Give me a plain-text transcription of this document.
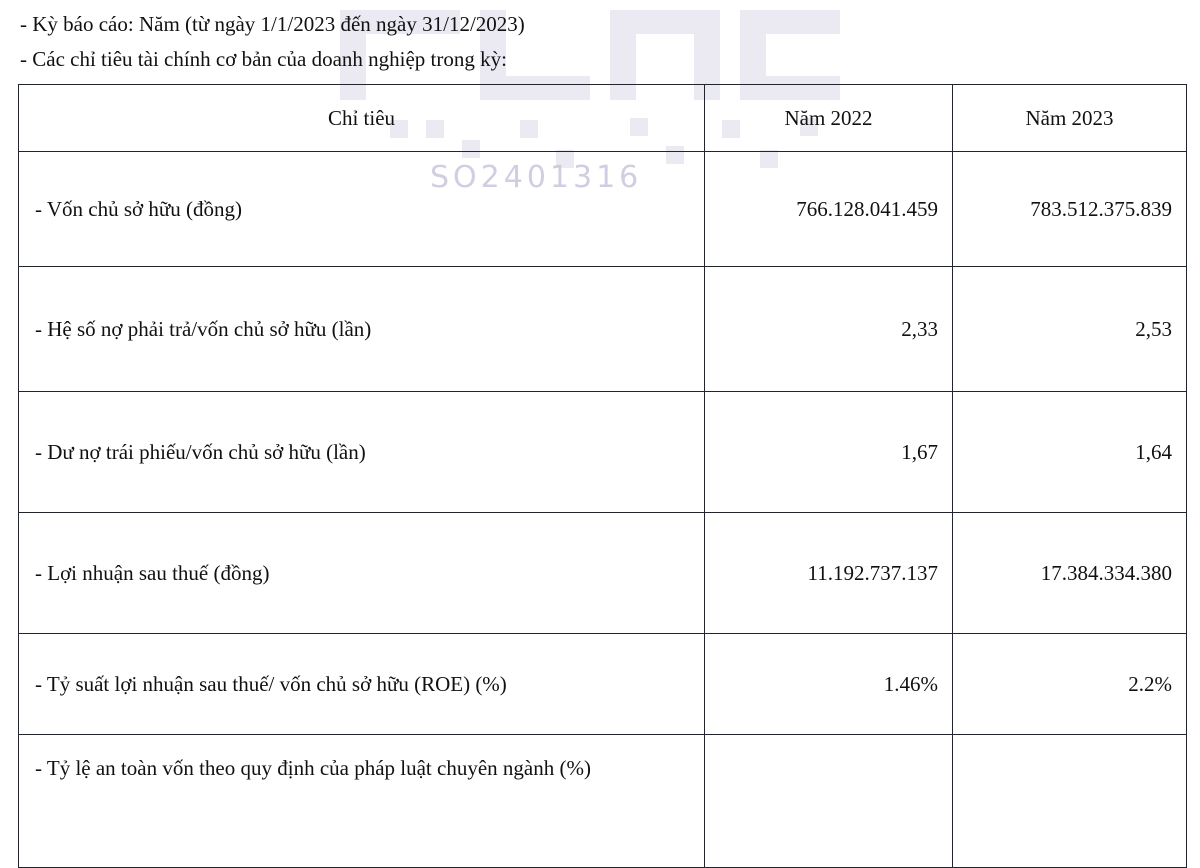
SO2401316

- Kỳ báo cáo: Năm (từ ngày 1/1/2023 đến ngày 31/12/2023)

- Các chỉ tiêu tài chính cơ bản của doanh nghiệp trong kỳ:

Chỉ tiêu	Năm 2022	Năm 2023
- Vốn chủ sở hữu (đồng)	766.128.041.459	783.512.375.839
- Hệ số nợ phải trả/vốn chủ sở hữu (lần)	2,33	2,53
- Dư nợ trái phiếu/vốn chủ sở hữu (lần)	1,67	1,64
- Lợi nhuận sau thuế (đồng)	11.192.737.137	17.384.334.380
- Tỷ suất lợi nhuận sau thuế/ vốn chủ sở hữu (ROE) (%)	1.46%	2.2%
- Tỷ lệ an toàn vốn theo quy định của pháp luật chuyên ngành (%)		
